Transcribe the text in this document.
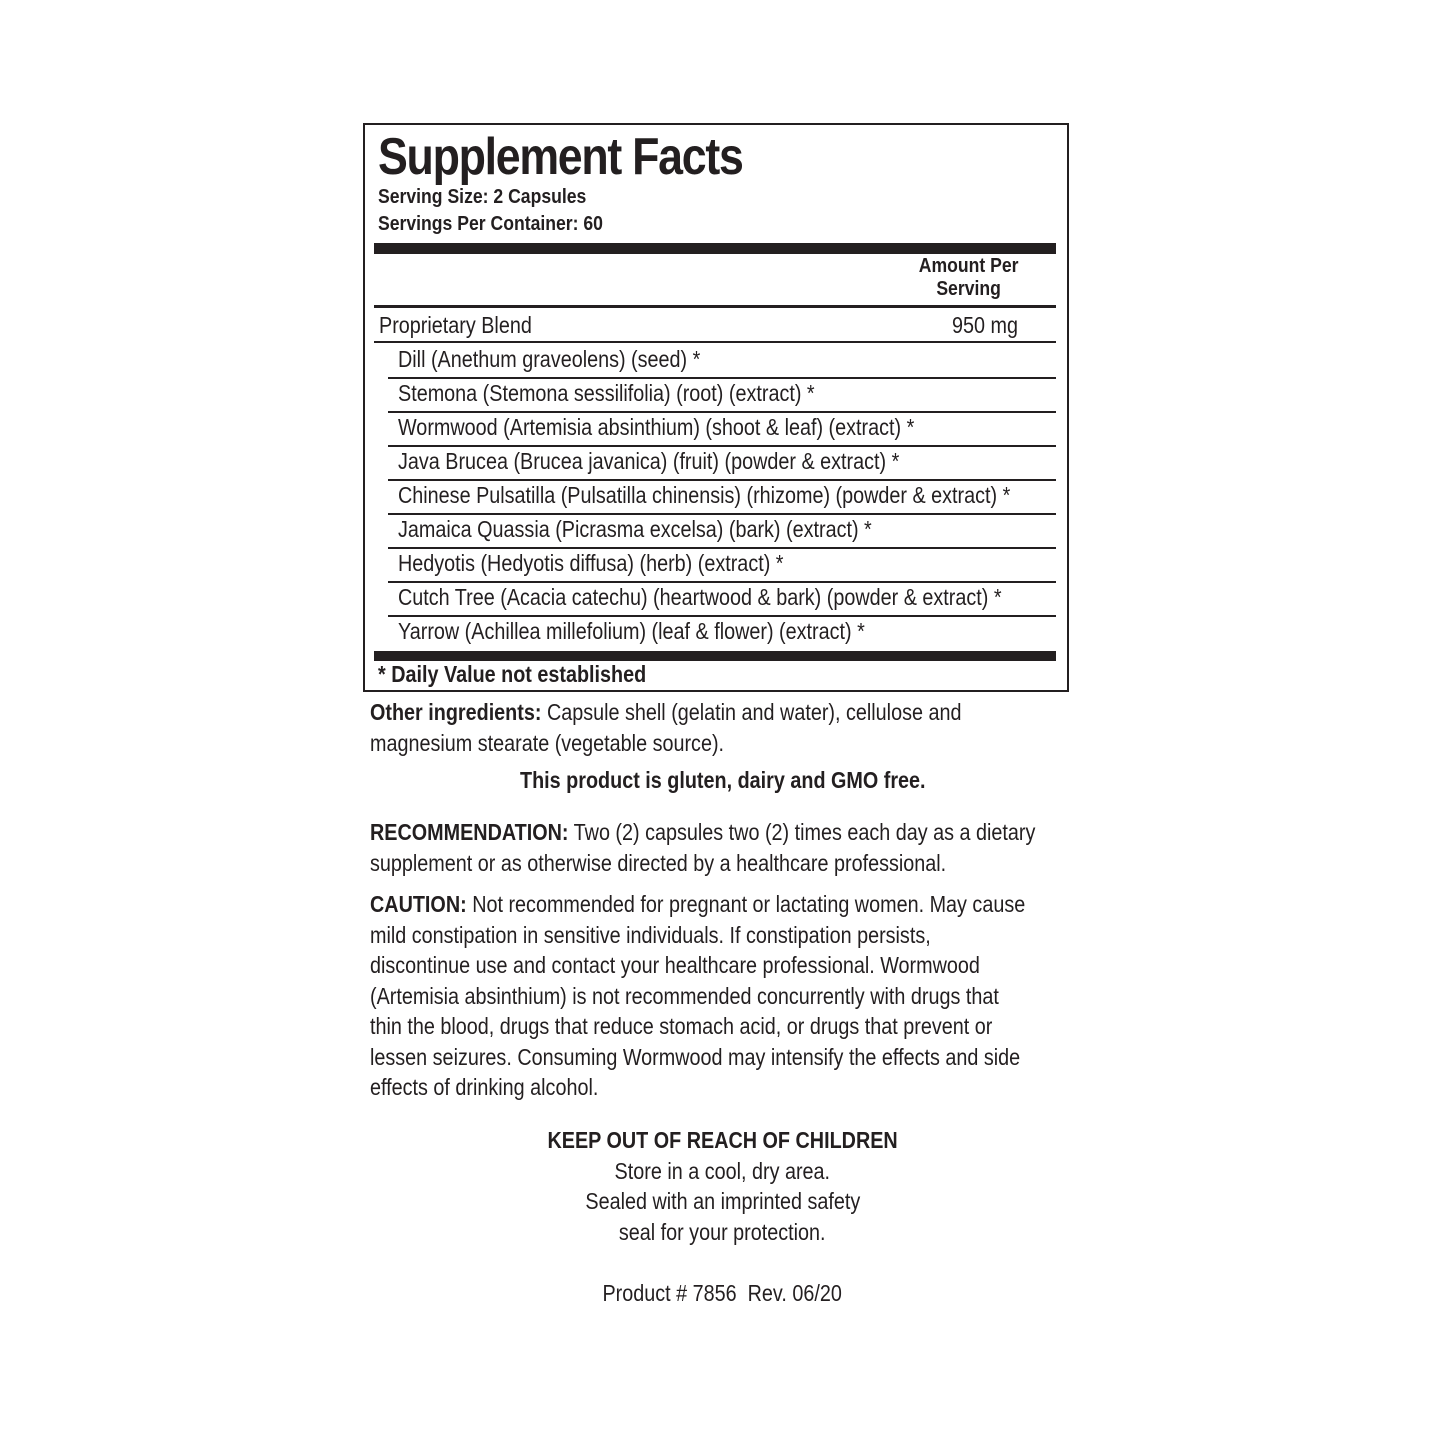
Supplement Facts
Serving Size: 2 Capsules
Servings Per Container: 60
Amount Per
Serving
Proprietary Blend	950 mg
Dill (Anethum graveolens) (seed) *
Stemona (Stemona sessilifolia) (root) (extract) *
Wormwood (Artemisia absinthium) (shoot & leaf) (extract) *
Java Brucea (Brucea javanica) (fruit) (powder & extract) *
Chinese Pulsatilla (Pulsatilla chinensis) (rhizome) (powder & extract) *
Jamaica Quassia (Picrasma excelsa) (bark) (extract) *
Hedyotis (Hedyotis diffusa) (herb) (extract) *
Cutch Tree (Acacia catechu) (heartwood & bark) (powder & extract) *
Yarrow (Achillea millefolium) (leaf & flower) (extract) *
* Daily Value not established
Other ingredients: Capsule shell (gelatin and water), cellulose and
magnesium stearate (vegetable source).
This product is gluten, dairy and GMO free.
RECOMMENDATION: Two (2) capsules two (2) times each day as a dietary
supplement or as otherwise directed by a healthcare professional.
CAUTION: Not recommended for pregnant or lactating women. May cause
mild constipation in sensitive individuals. If constipation persists,
discontinue use and contact your healthcare professional. Wormwood
(Artemisia absinthium) is not recommended concurrently with drugs that
thin the blood, drugs that reduce stomach acid, or drugs that prevent or
lessen seizures. Consuming Wormwood may intensify the effects and side
effects of drinking alcohol.
KEEP OUT OF REACH OF CHILDREN
Store in a cool, dry area.
Sealed with an imprinted safety
seal for your protection.
Product # 7856  Rev. 06/20
